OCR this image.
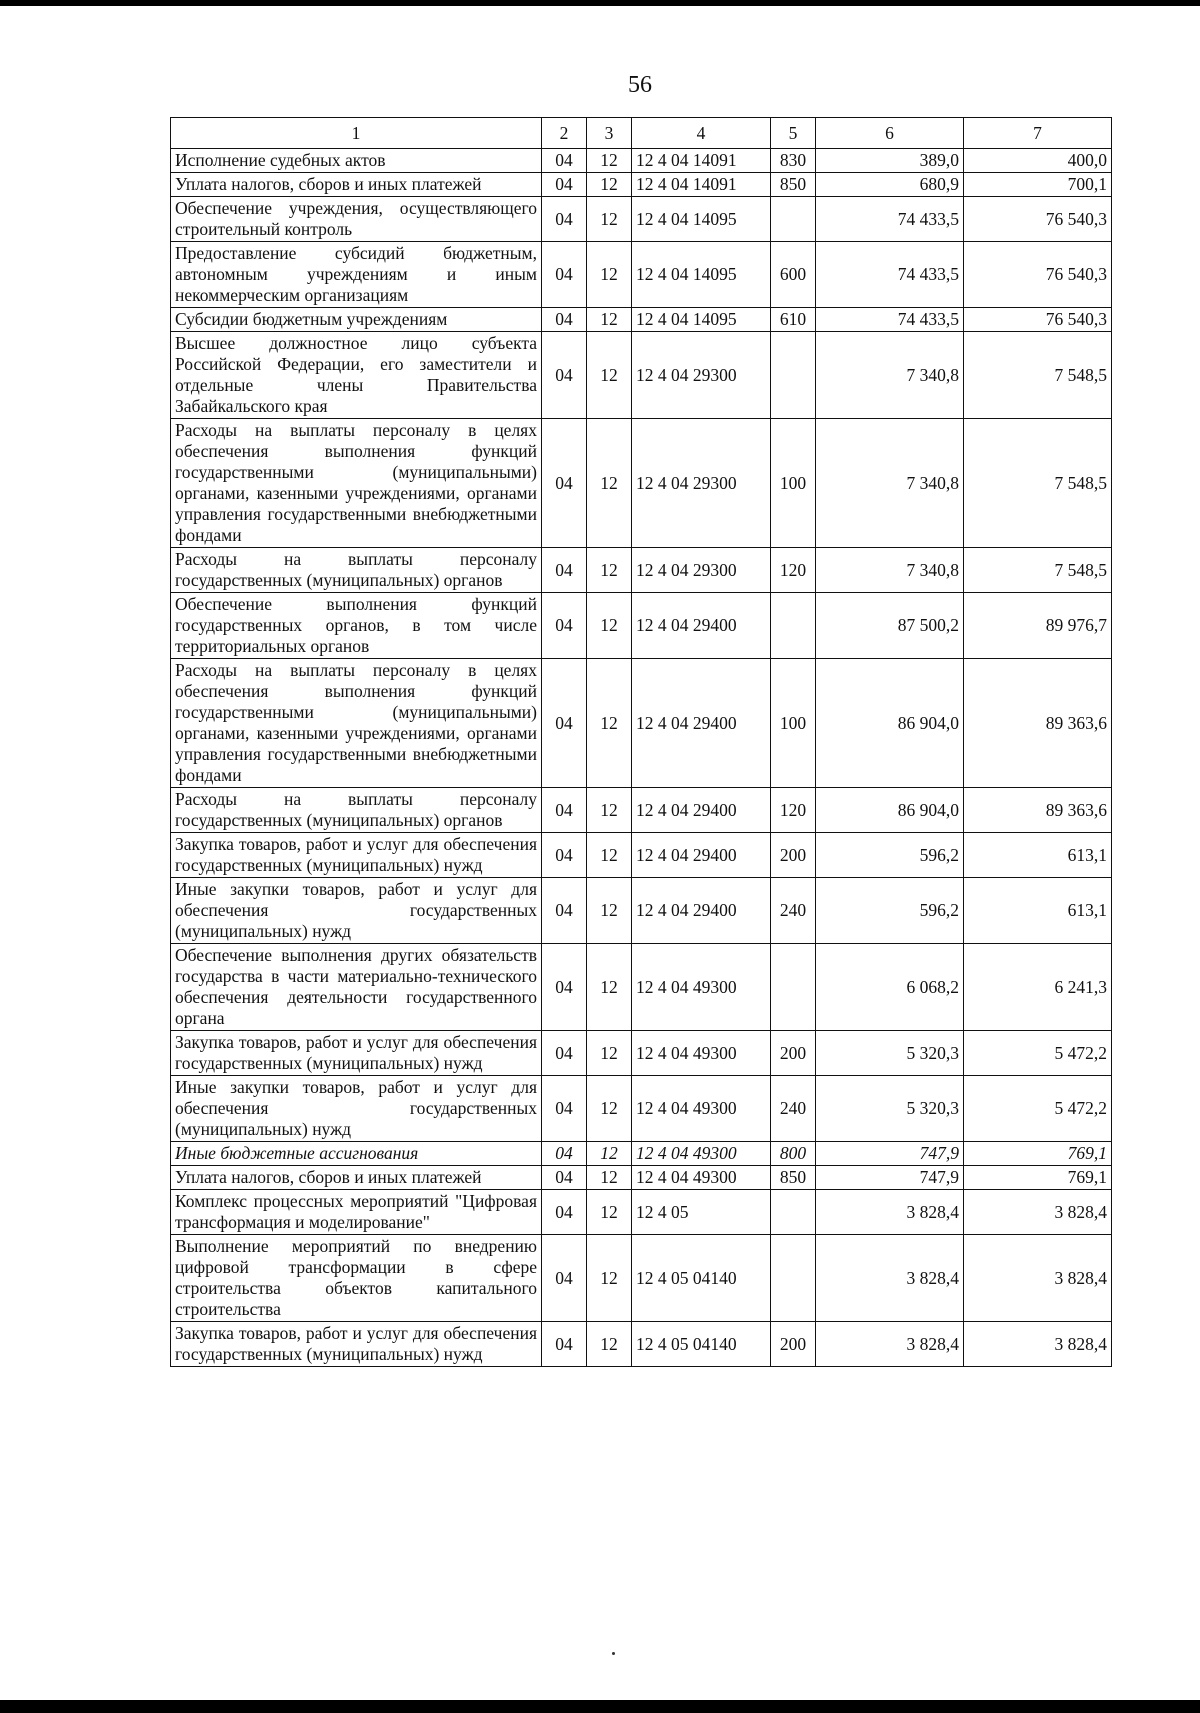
56
1	2	3	4	5	6	7
Исполнение судебных актов	04	12	12 4 04 14091	830	389,0	400,0
Уплата налогов, сборов и иных платежей	04	12	12 4 04 14091	850	680,9	700,1
Обеспечение учреждения, осуществляющего строительный контроль	04	12	12 4 04 14095		74 433,5	76 540,3
Предоставление субсидий бюджетным, автономным учреждениям и иным некоммерческим организациям	04	12	12 4 04 14095	600	74 433,5	76 540,3
Субсидии бюджетным учреждениям	04	12	12 4 04 14095	610	74 433,5	76 540,3
Высшее должностное лицо субъекта Российской Федерации, его заместители и отдельные члены Правительства Забайкальского края	04	12	12 4 04 29300		7 340,8	7 548,5
Расходы на выплаты персоналу в целях обеспечения выполнения функций государственными (муниципальными) органами, казенными учреждениями, органами управления государственными внебюджетными фондами	04	12	12 4 04 29300	100	7 340,8	7 548,5
Расходы на выплаты персоналу государственных (муниципальных) органов	04	12	12 4 04 29300	120	7 340,8	7 548,5
Обеспечение выполнения функций государственных органов, в том числе территориальных органов	04	12	12 4 04 29400		87 500,2	89 976,7
Расходы на выплаты персоналу в целях обеспечения выполнения функций государственными (муниципальными) органами, казенными учреждениями, органами управления государственными внебюджетными фондами	04	12	12 4 04 29400	100	86 904,0	89 363,6
Расходы на выплаты персоналу государственных (муниципальных) органов	04	12	12 4 04 29400	120	86 904,0	89 363,6
Закупка товаров, работ и услуг для обеспечения государственных (муниципальных) нужд	04	12	12 4 04 29400	200	596,2	613,1
Иные закупки товаров, работ и услуг для обеспечения государственных (муниципальных) нужд	04	12	12 4 04 29400	240	596,2	613,1
Обеспечение выполнения других обязательств государства в части материально-технического обеспечения деятельности государственного органа	04	12	12 4 04 49300		6 068,2	6 241,3
Закупка товаров, работ и услуг для обеспечения государственных (муниципальных) нужд	04	12	12 4 04 49300	200	5 320,3	5 472,2
Иные закупки товаров, работ и услуг для обеспечения государственных (муниципальных) нужд	04	12	12 4 04 49300	240	5 320,3	5 472,2
Иные бюджетные ассигнования	04	12	12 4 04 49300	800	747,9	769,1
Уплата налогов, сборов и иных платежей	04	12	12 4 04 49300	850	747,9	769,1
Комплекс процессных мероприятий "Цифровая трансформация и моделирование"	04	12	12 4 05		3 828,4	3 828,4
Выполнение мероприятий по внедрению цифровой трансформации в сфере строительства объектов капитального строительства	04	12	12 4 05 04140		3 828,4	3 828,4
Закупка товаров, работ и услуг для обеспечения государственных (муниципальных) нужд	04	12	12 4 05 04140	200	3 828,4	3 828,4
